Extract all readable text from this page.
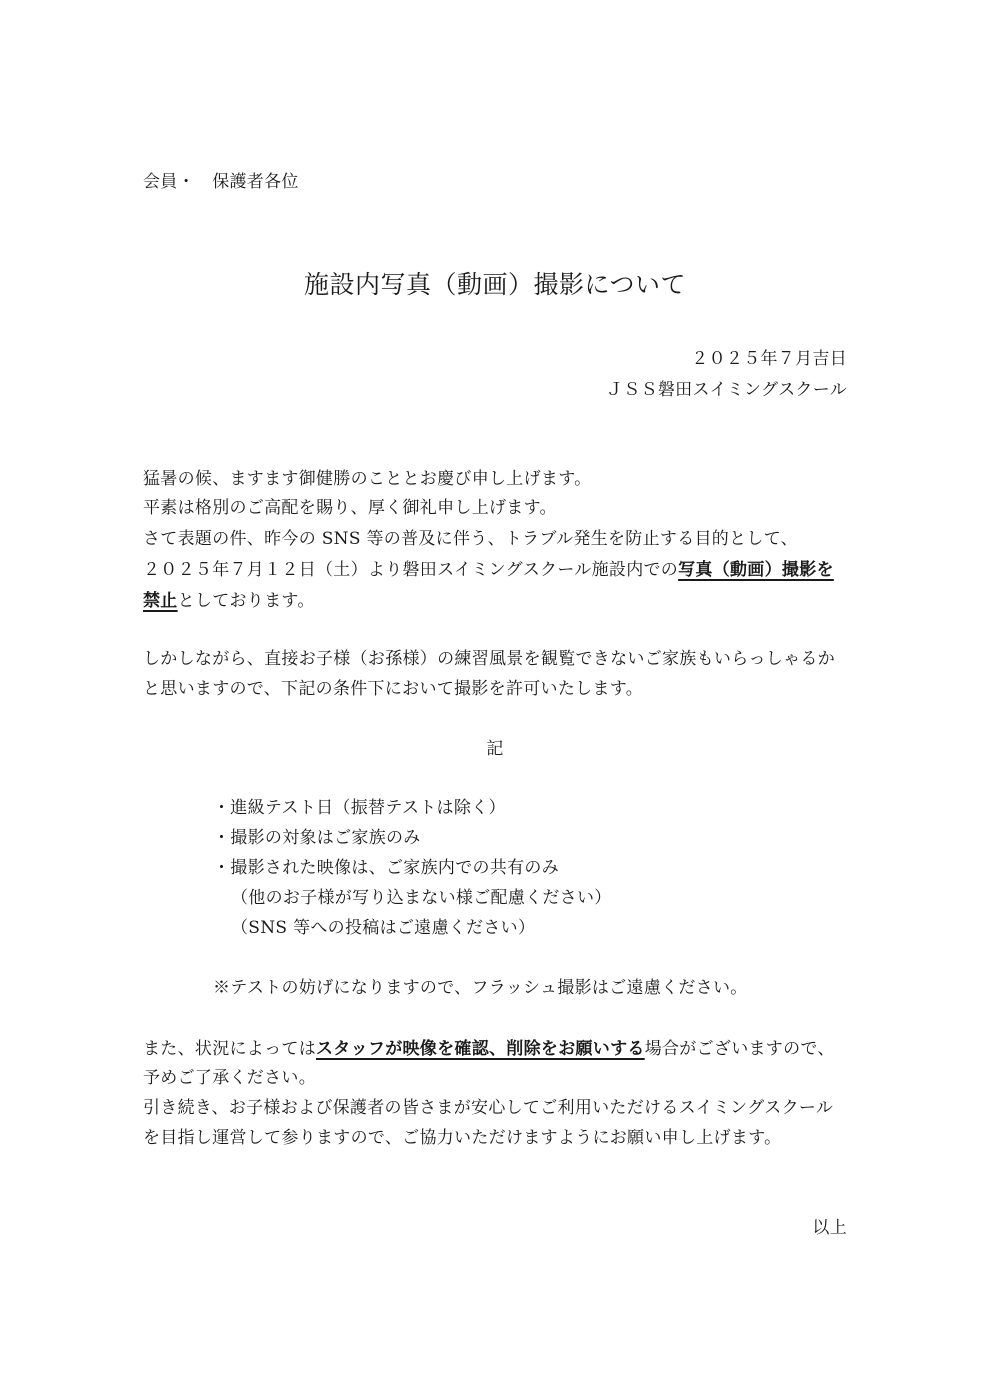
会員・　保護者各位
施設内写真（動画）撮影について
２０２５年７月吉日
ＪＳＳ磐田スイミングスクール
猛暑の候、ますます御健勝のこととお慶び申し上げます。
平素は格別のご高配を賜り、厚く御礼申し上げます。
さて表題の件、昨今の SNS 等の普及に伴う、トラブル発生を防止する目的として、
２０２５年７月１２日（土）より磐田スイミングスクール施設内での写真（動画）撮影を
禁止としております。
しかしながら、直接お子様（お孫様）の練習風景を観覧できないご家族もいらっしゃるか
と思いますので、下記の条件下において撮影を許可いたします。
記
・進級テスト日（振替テストは除く）
・撮影の対象はご家族のみ
・撮影された映像は、ご家族内での共有のみ
（他のお子様が写り込まない様ご配慮ください）
（SNS 等への投稿はご遠慮ください）
※テストの妨げになりますので、フラッシュ撮影はご遠慮ください。
また、状況によってはスタッフが映像を確認、削除をお願いする場合がございますので、
予めご了承ください。
引き続き、お子様および保護者の皆さまが安心してご利用いただけるスイミングスクール
を目指し運営して参りますので、ご協力いただけますようにお願い申し上げます。
以上
